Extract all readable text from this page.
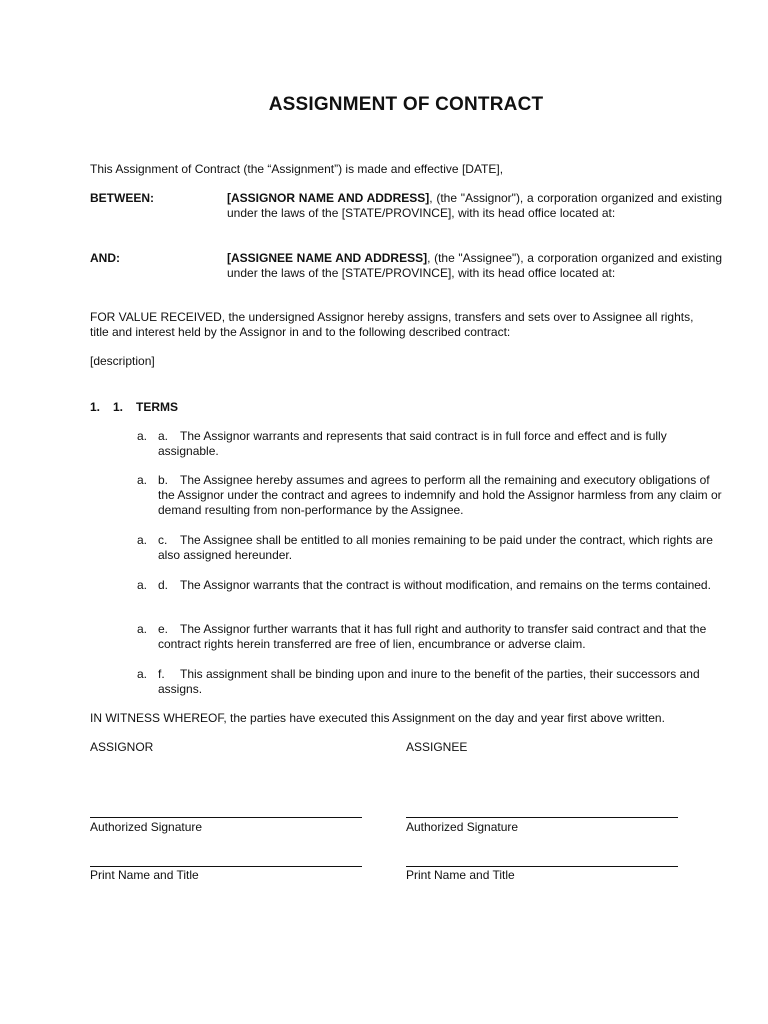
ASSIGNMENT OF CONTRACT
This Assignment of Contract (the “Assignment”) is made and effective [DATE],
BETWEEN:	[ASSIGNOR NAME AND ADDRESS], (the "Assignor"), a corporation organized and existing under the laws of the [STATE/PROVINCE], with its head office located at:
AND:	[ASSIGNEE NAME AND ADDRESS], (the "Assignee"), a corporation organized and existing under the laws of the [STATE/PROVINCE], with its head office located at:
FOR VALUE RECEIVED, the undersigned Assignor hereby assigns, transfers and sets over to Assignee all rights, title and interest held by the Assignor in and to the following described contract:
[description]
1. 1. TERMS
a. a. The Assignor warrants and represents that said contract is in full force and effect and is fully assignable.
a. b. The Assignee hereby assumes and agrees to perform all the remaining and executory obligations of the Assignor under the contract and agrees to indemnify and hold the Assignor harmless from any claim or demand resulting from non-performance by the Assignee.
a. c.	The Assignee shall be entitled to all monies remaining to be paid under the contract, which rights are also assigned hereunder.
a. d. The Assignor warrants that the contract is without modification, and remains on the terms contained.
a. e. The Assignor further warrants that it has full right and authority to transfer said contract and that the contract rights herein transferred are free of lien, encumbrance or adverse claim.
a. f.	This assignment shall be binding upon and inure to the benefit of the parties, their successors and assigns.
IN WITNESS WHEREOF, the parties have executed this Assignment on the day and year first above written.
ASSIGNOR
Authorized Signature
Print Name and Title
ASSIGNEE
Authorized Signature
Print Name and Title
